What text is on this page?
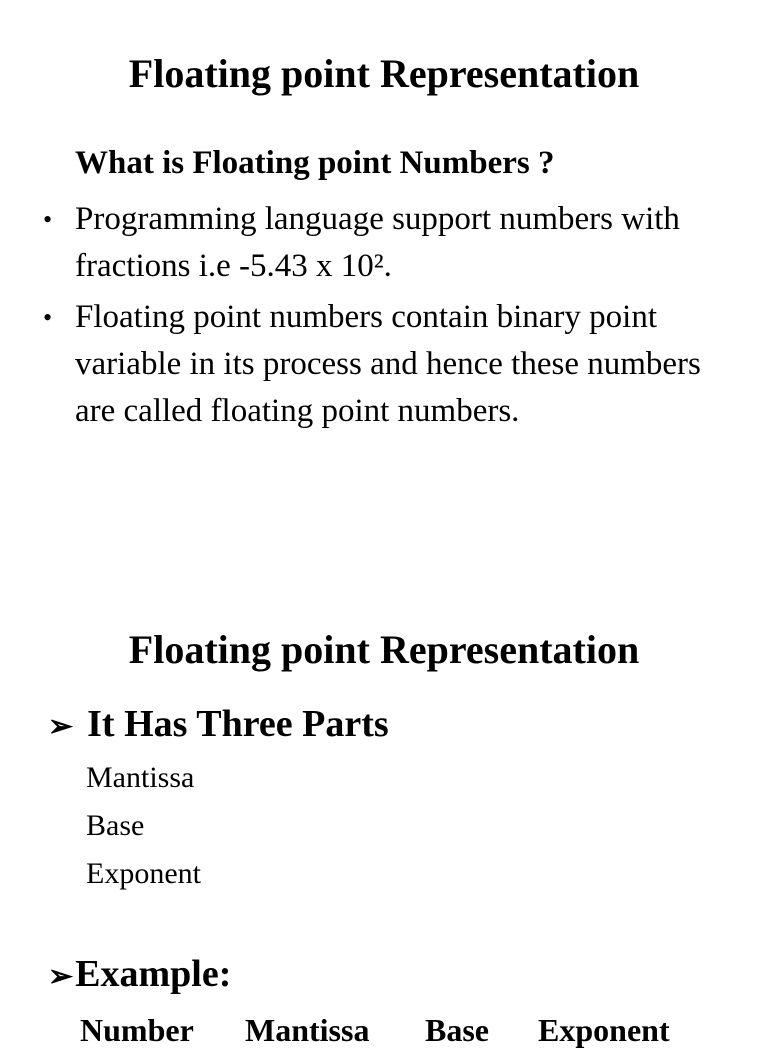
Floating point Representation
What is Floating point Numbers ?
• Programming language support numbers with fractions i.e -5.43 x 10².
• Floating point numbers contain binary point variable in its process and hence these numbers are called floating point numbers.
Floating point Representation
➢ It Has Three Parts
Mantissa
Base
Exponent
➢Example:
Number Mantissa Base Exponent
